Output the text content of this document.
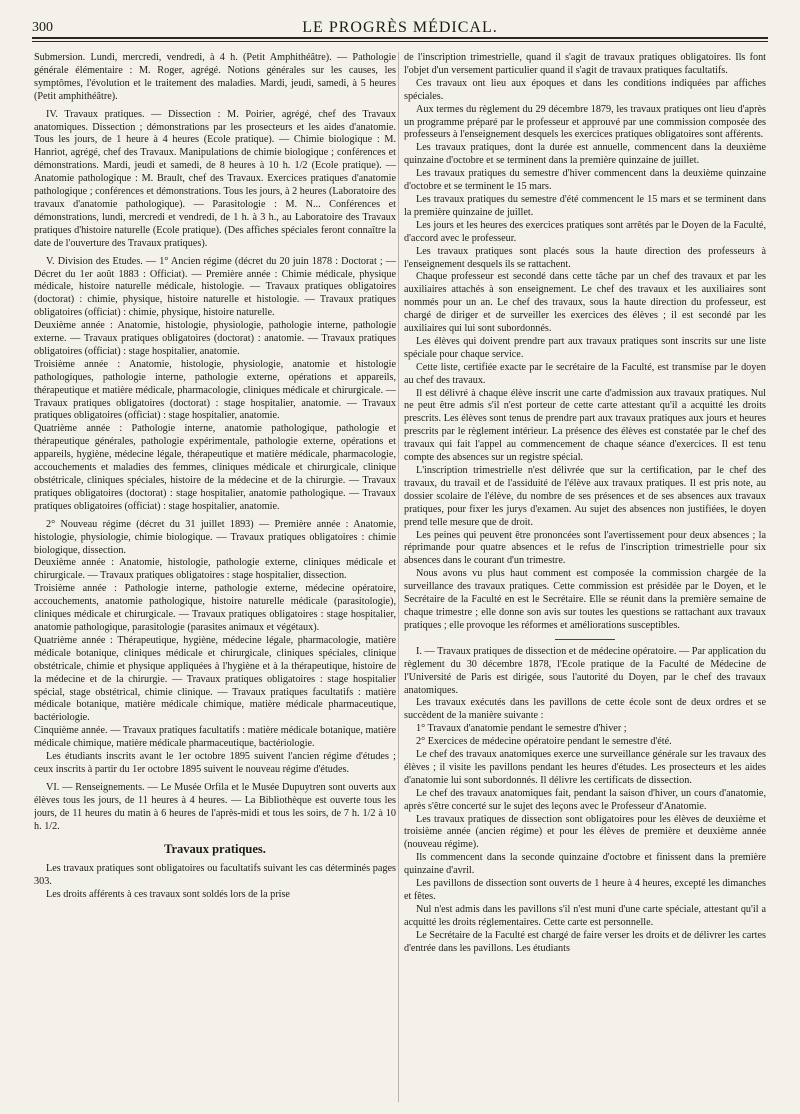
300	LE PROGRÈS MÉDICAL.

Submersion. Lundi, mercredi, vendredi, à 4 h. (Petit Amphithéâtre). — Pathologie générale élémentaire : M. Roger, agrégé. Notions générales sur les causes, les symptômes, l'évolution et le traitement des maladies. Mardi, jeudi, samedi, à 5 heures (Petit amphithéâtre).

IV. Travaux pratiques. — Dissection : M. Poirier, agrégé, chef des Travaux anatomiques. Dissection ; démonstrations par les prosecteurs et les aides d'anatomie. Tous les jours, de 1 heure à 4 heures (Ecole pratique). — Chimie biologique : M. Hanriot, agrégé, chef des Travaux. Manipulations de chimie biologique ; conférences et démonstrations. Mardi, jeudi et samedi, de 8 heures à 10 h. 1/2 (Ecole pratique). — Anatomie pathologique : M. Brault, chef des Travaux. Exercices pratiques d'anatomie pathologique ; conférences et démonstrations. Tous les jours, à 2 heures (Laboratoire des travaux d'anatomie pathologique). — Parasitologie : M. N... Conférences et démonstrations, lundi, mercredi et vendredi, de 1 h. à 3 h., au Laboratoire des Travaux pratiques d'histoire naturelle (Ecole pratique). (Des affiches spéciales feront connaître la date de l'ouverture des Travaux pratiques).

V. Division des Etudes. — 1° Ancien régime (décret du 20 juin 1878 : Doctorat ; — Décret du 1er août 1883 : Officiat). — Première année : Chimie médicale, physique médicale, histoire naturelle médicale, histologie. — Travaux pratiques obligatoires (doctorat) : chimie, physique, histoire naturelle et histologie. — Travaux pratiques obligatoires (officiat) : chimie, physique, histoire naturelle.

Deuxième année : Anatomie, histologie, physiologie, pathologie interne, pathologie externe. — Travaux pratiques obligatoires (doctorat) : anatomie. — Travaux pratiques obligatoires (officiat) : stage hospitalier, anatomie.

Troisième année : Anatomie, histologie, physiologie, anatomie et histologie pathologiques, pathologie interne, pathologie externe, opérations et appareils, thérapeutique et matière médicale, pharmacologie, cliniques médicale et chirurgicale. — Travaux pratiques obligatoires (doctorat) : stage hospitalier, anatomie. — Travaux pratiques obligatoires (officiat) : stage hospitalier, anatomie.

Quatrième année : Pathologie interne, anatomie pathologique, pathologie et thérapeutique générales, pathologie expérimentale, pathologie externe, opérations et appareils, hygiène, médecine légale, thérapeutique et matière médicale, pharmacologie, accouchements et maladies des femmes, cliniques médicale et chirurgicale, clinique obstétricale, cliniques spéciales, histoire de la médecine et de la chirurgie. — Travaux pratiques obligatoires (doctorat) : stage hospitalier, anatomie pathologique. — Travaux pratiques obligatoires (officiat) : stage hospitalier, anatomie.

2° Nouveau régime (décret du 31 juillet 1893) — Première année : Anatomie, histologie, physiologie, chimie biologique. — Travaux pratiques obligatoires : chimie biologique, dissection.

Deuxième année : Anatomie, histologie, pathologie externe, cliniques médicale et chirurgicale. — Travaux pratiques obligatoires : stage hospitalier, dissection.

Troisième année : Pathologie interne, pathologie externe, médecine opératoire, accouchements, anatomie pathologique, histoire naturelle médicale (parasitologie), cliniques médicale et chirurgicale. — Travaux pratiques obligatoires : stage hospitalier, anatomie pathologique, parasitologie (parasites animaux et végétaux).

Quatrième année : Thérapeutique, hygiène, médecine légale, pharmacologie, matière médicale botanique, cliniques médicale et chirurgicale, cliniques spéciales, clinique obstétricale, chimie et physique appliquées à l'hygiène et à la thérapeutique, histoire de la médecine et de la chirurgie. — Travaux pratiques obligatoires : stage hospitalier spécial, stage obstétrical, chimie clinique. — Travaux pratiques facultatifs : matière médicale botanique, matière médicale chimique, matière médicale pharmaceutique, bactériologie.

Cinquième année. — Travaux pratiques facultatifs : matière médicale botanique, matière médicale chimique, matière médicale pharmaceutique, bactériologie.

Les étudiants inscrits avant le 1er octobre 1895 suivent l'ancien régime d'études ; ceux inscrits à partir du 1er octobre 1895 suivent le nouveau régime d'études.

VI. — Renseignements. — Le Musée Orfila et le Musée Dupuytren sont ouverts aux élèves tous les jours, de 11 heures à 4 heures. — La Bibliothèque est ouverte tous les jours, de 11 heures du matin à 6 heures de l'après-midi et tous les soirs, de 7 h. 1/2 à 10 h. 1/2.

Travaux pratiques.

Les travaux pratiques sont obligatoires ou facultatifs suivant les cas déterminés pages 303.

Les droits afférents à ces travaux sont soldés lors de la prise

de l'inscription trimestrielle, quand il s'agit de travaux pratiques obligatoires. Ils font l'objet d'un versement particulier quand il s'agit de travaux pratiques facultatifs.

Ces travaux ont lieu aux époques et dans les conditions indiquées par affiches spéciales.

Aux termes du règlement du 29 décembre 1879, les travaux pratiques ont lieu d'après un programme préparé par le professeur et approuvé par une commission composée des professeurs à l'enseignement desquels les exercices pratiques obligatoires sont afférents.

Les travaux pratiques, dont la durée est annuelle, commencent dans la deuxième quinzaine d'octobre et se terminent dans la première quinzaine de juillet.

Les travaux pratiques du semestre d'hiver commencent dans la deuxième quinzaine d'octobre et se terminent le 15 mars.

Les travaux pratiques du semestre d'été commencent le 15 mars et se terminent dans la première quinzaine de juillet.

Les jours et les heures des exercices pratiques sont arrêtés par le Doyen de la Faculté, d'accord avec le professeur.

Les travaux pratiques sont placés sous la haute direction des professeurs à l'enseignement desquels ils se rattachent.

Chaque professeur est secondé dans cette tâche par un chef des travaux et par les auxiliaires attachés à son enseignement. Le chef des travaux et les auxiliaires sont nommés pour un an. Le chef des travaux, sous la haute direction du professeur, est chargé de diriger et de surveiller les exercices des élèves ; il est secondé par les auxiliaires qui lui sont subordonnés.

Les élèves qui doivent prendre part aux travaux pratiques sont inscrits sur une liste spéciale pour chaque service.

Cette liste, certifiée exacte par le secrétaire de la Faculté, est transmise par le doyen au chef des travaux.

Il est délivré à chaque élève inscrit une carte d'admission aux travaux pratiques. Nul ne peut être admis s'il n'est porteur de cette carte attestant qu'il a acquitté les droits prescrits. Les élèves sont tenus de prendre part aux travaux pratiques aux jours et heures prescrits par le règlement intérieur. La présence des élèves est constatée par le chef des travaux qui fait l'appel au commencement de chaque séance d'exercices. Il est tenu compte des absences sur un registre spécial.

L'inscription trimestrielle n'est délivrée que sur la certification, par le chef des travaux, du travail et de l'assiduité de l'élève aux travaux pratiques. Il est pris note, au dossier scolaire de l'élève, du nombre de ses présences et de ses absences aux travaux pratiques, pour fixer les jurys d'examen. Au sujet des absences non justifiées, le doyen prend telle mesure que de droit.

Les peines qui peuvent être prononcées sont l'avertissement pour deux absences ; la réprimande pour quatre absences et le refus de l'inscription trimestrielle pour six absences dans le courant d'un trimestre.

Nous avons vu plus haut comment est composée la commission chargée de la surveillance des travaux pratiques. Cette commission est présidée par le Doyen, et le Secrétaire de la Faculté en est le Secrétaire. Elle se réunit dans la première semaine de chaque trimestre ; elle donne son avis sur toutes les questions se rattachant aux travaux pratiques ; elle provoque les réformes et améliorations susceptibles.

I. — Travaux pratiques de dissection et de médecine opératoire. — Par application du règlement du 30 décembre 1878, l'Ecole pratique de la Faculté de Médecine de l'Université de Paris est dirigée, sous l'autorité du Doyen, par le chef des travaux anatomiques.

Les travaux exécutés dans les pavillons de cette école sont de deux ordres et se succèdent de la manière suivante :

1° Travaux d'anatomie pendant le semestre d'hiver ;

2° Exercices de médecine opératoire pendant le semestre d'été.

Le chef des travaux anatomiques exerce une surveillance générale sur les travaux des élèves ; il visite les pavillons pendant les heures d'études. Les prosecteurs et les aides d'anatomie lui sont subordonnés. Il délivre les certificats de dissection.

Le chef des travaux anatomiques fait, pendant la saison d'hiver, un cours d'anatomie, après s'être concerté sur le sujet des leçons avec le Professeur d'Anatomie.

Les travaux pratiques de dissection sont obligatoires pour les élèves de deuxième et troisième année (ancien régime) et pour les élèves de première et deuxième année (nouveau régime).

Ils commencent dans la seconde quinzaine d'octobre et finissent dans la première quinzaine d'avril.

Les pavillons de dissection sont ouverts de 1 heure à 4 heures, excepté les dimanches et fêtes.

Nul n'est admis dans les pavillons s'il n'est muni d'une carte spéciale, attestant qu'il a acquitté les droits réglementaires. Cette carte est personnelle.

Le Secrétaire de la Faculté est chargé de faire verser les droits et de délivrer les cartes d'entrée dans les pavillons. Les étudiants
